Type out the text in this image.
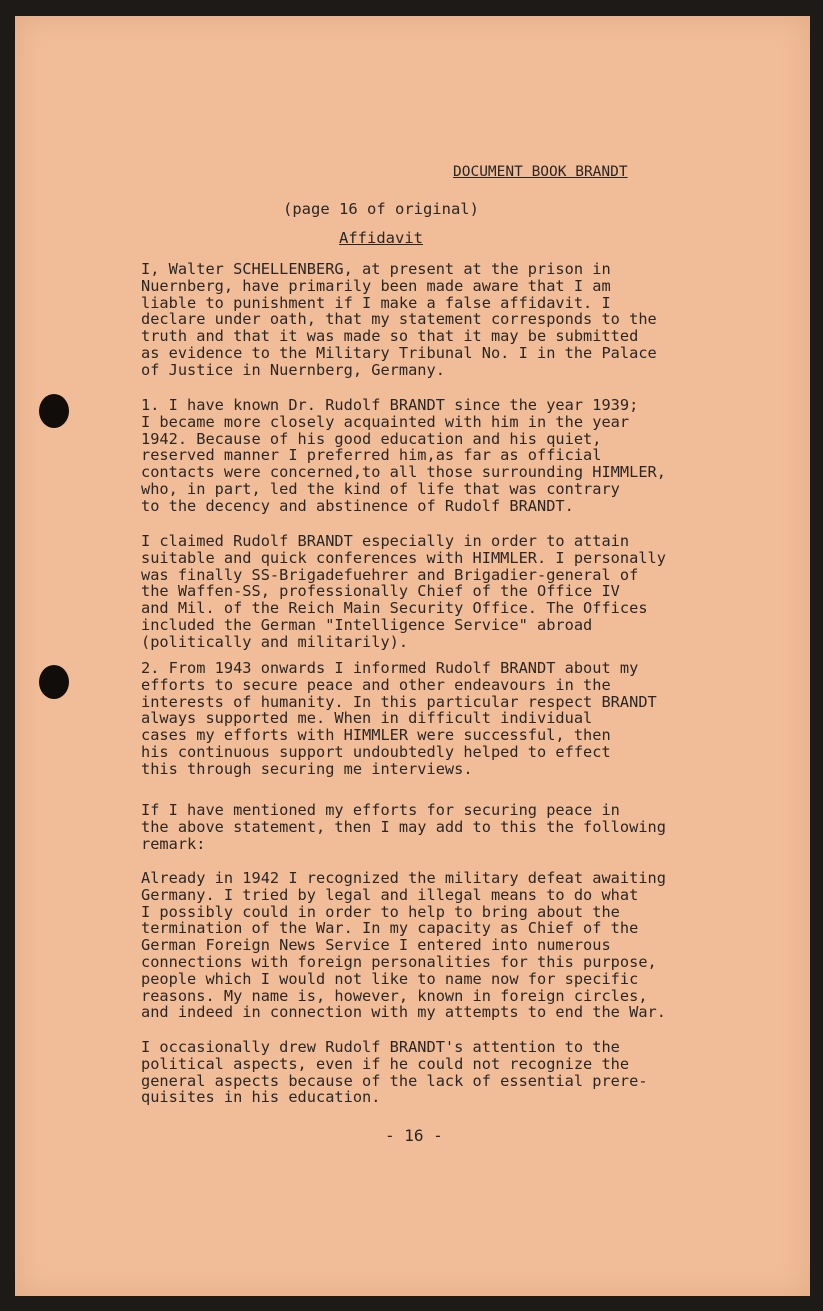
DOCUMENT BOOK BRANDT
(page 16 of original)
Affidavit

I, Walter SCHELLENBERG, at present at the prison in
Nuernberg, have primarily been made aware that I am
liable to punishment if I make a false affidavit. I
declare under oath, that my statement corresponds to the
truth and that it was made so that it may be submitted
as evidence to the Military Tribunal No. I in the Palace
of Justice in Nuernberg, Germany.

1. I have known Dr. Rudolf BRANDT since the year 1939;
I became more closely acquainted with him in the year
1942. Because of his good education and his quiet,
reserved manner I preferred him,as far as official
contacts were concerned,to all those surrounding HIMMLER,
who, in part, led the kind of life that was contrary
to the decency and abstinence of Rudolf BRANDT.

I claimed Rudolf BRANDT especially in order to attain
suitable and quick conferences with HIMMLER. I personally
was finally SS-Brigadefuehrer and Brigadier-general of
the Waffen-SS, professionally Chief of the Office IV
and Mil. of the Reich Main Security Office. The Offices
included the German "Intelligence Service" abroad
(politically and militarily).

2. From 1943 onwards I informed Rudolf BRANDT about my
efforts to secure peace and other endeavours in the
interests of humanity. In this particular respect BRANDT
always supported me. When in difficult individual
cases my efforts with HIMMLER were successful, then
his continuous support undoubtedly helped to effect
this through securing me interviews.

If I have mentioned my efforts for securing peace in
the above statement, then I may add to this the following
remark:

Already in 1942 I recognized the military defeat awaiting
Germany. I tried by legal and illegal means to do what
I possibly could in order to help to bring about the
termination of the War. In my capacity as Chief of the
German Foreign News Service I entered into numerous
connections with foreign personalities for this purpose,
people which I would not like to name now for specific
reasons. My name is, however, known in foreign circles,
and indeed in connection with my attempts to end the War.

I occasionally drew Rudolf BRANDT's attention to the
political aspects, even if he could not recognize the
general aspects because of the lack of essential prere-
quisites in his education.

- 16 -
